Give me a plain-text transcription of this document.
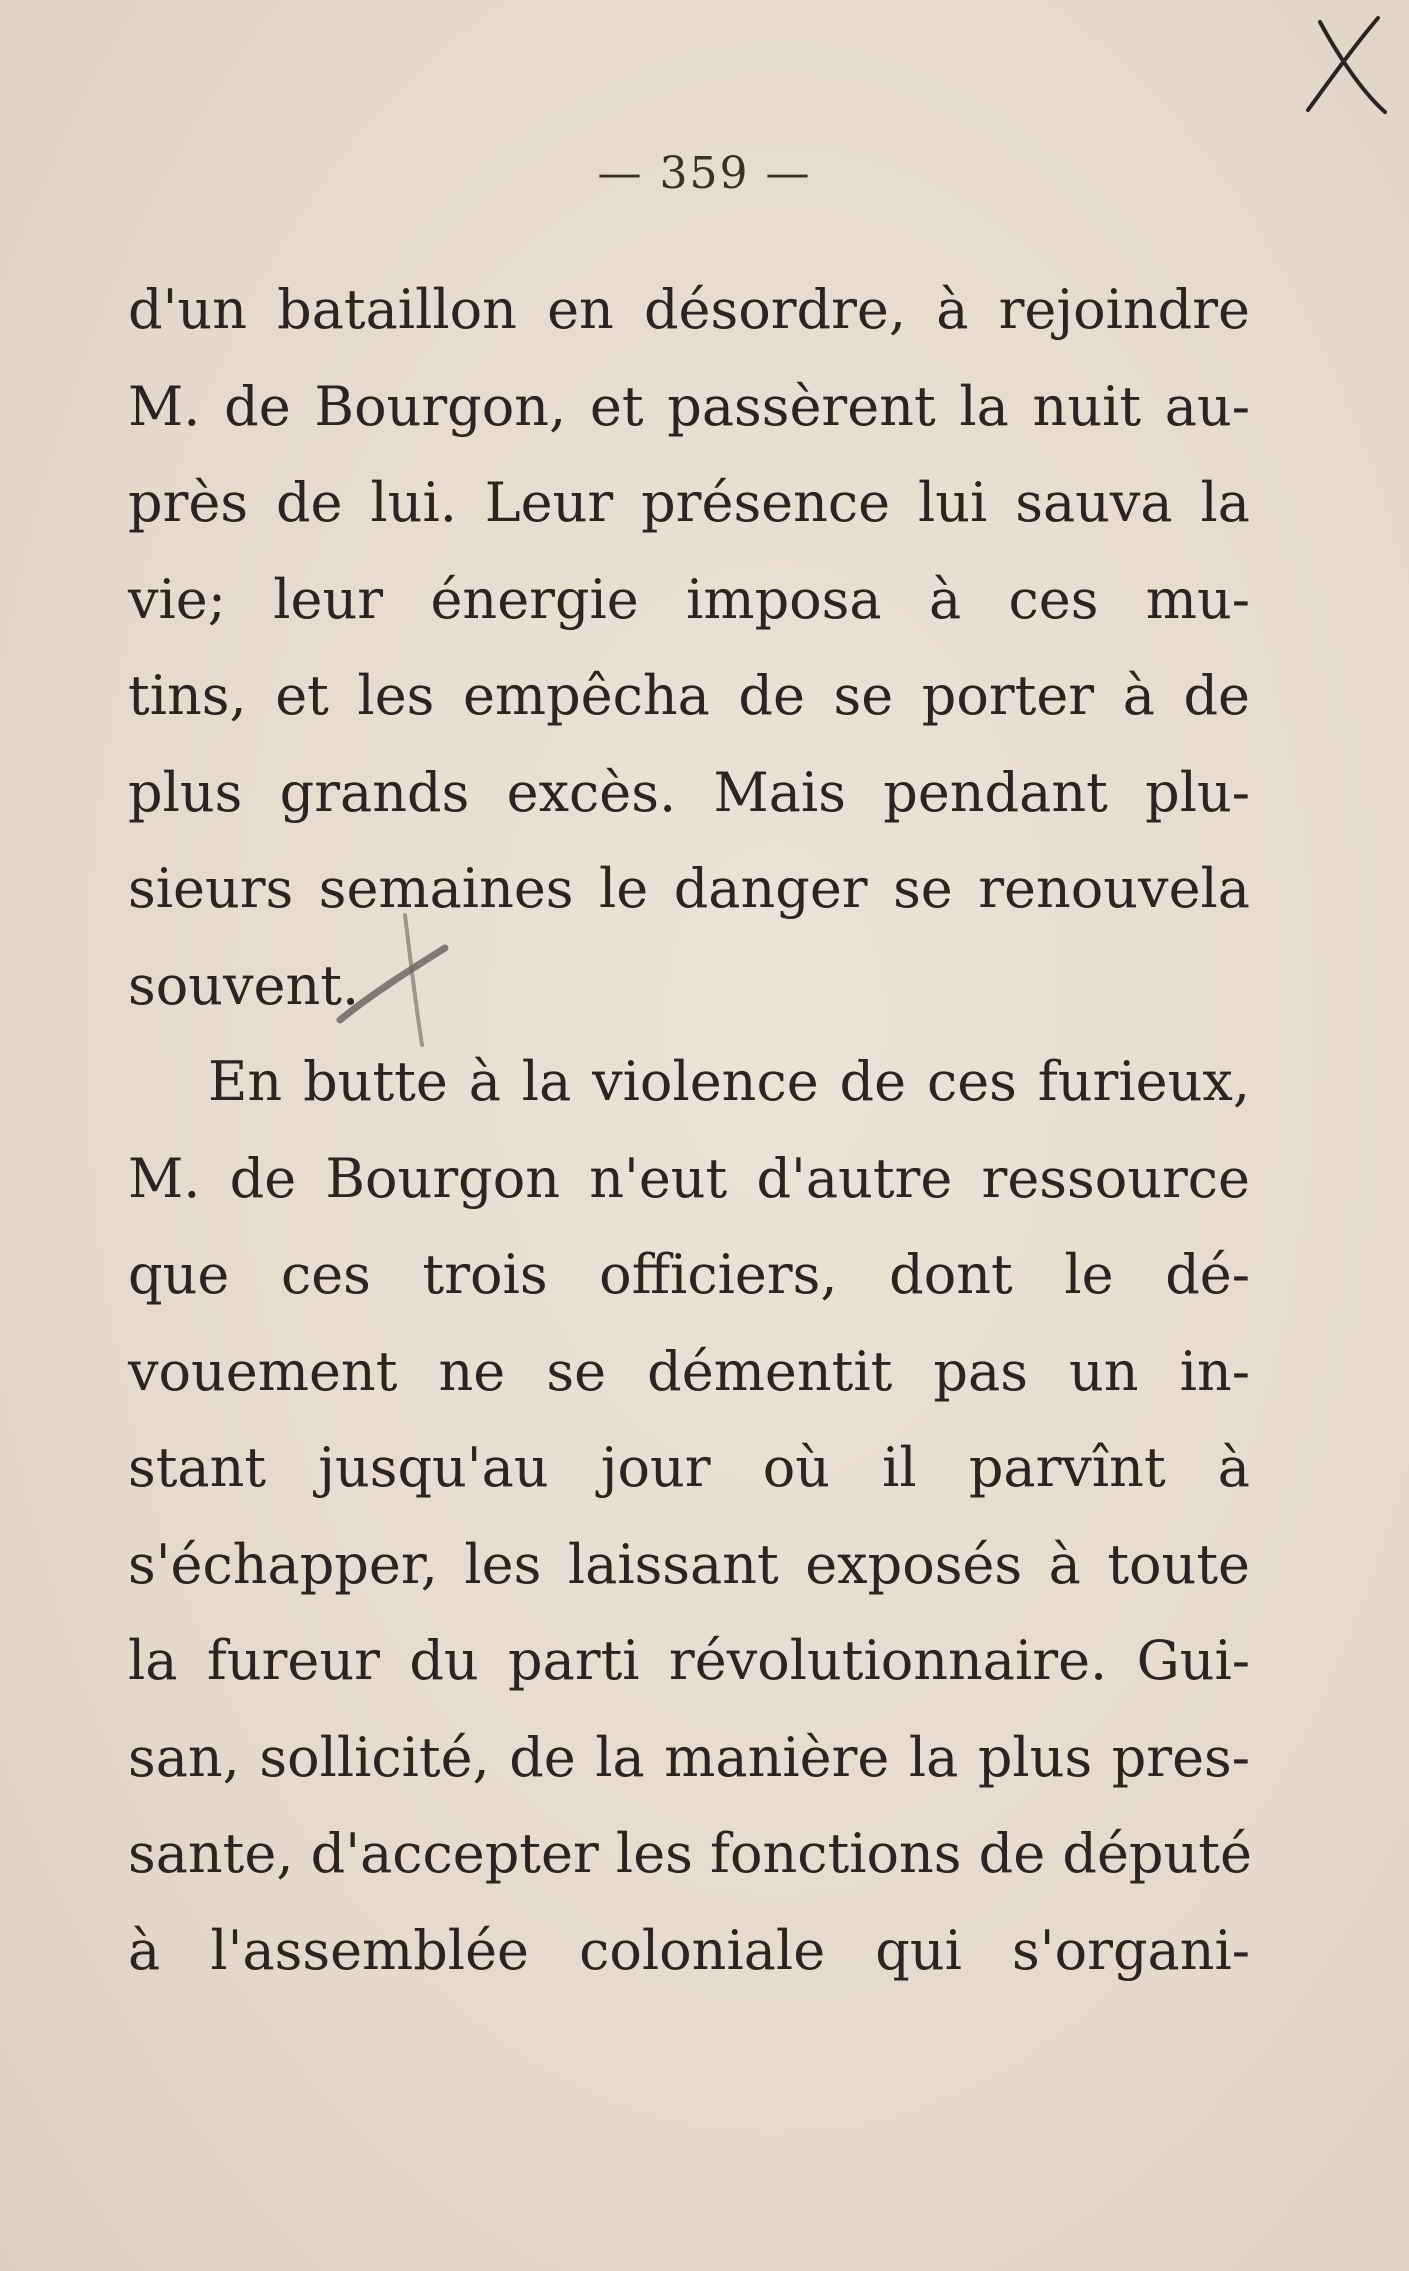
— 359 —
d'un bataillon en désordre, à rejoindre
M. de Bourgon, et passèrent la nuit au-
près de lui. Leur présence lui sauva la
vie; leur énergie imposa à ces mu-
tins, et les empêcha de se porter à de
plus grands excès. Mais pendant plu-
sieurs semaines le danger se renouvela
souvent.
En butte à la violence de ces furieux,
M. de Bourgon n'eut d'autre ressource
que ces trois officiers, dont le dé-
vouement ne se démentit pas un in-
stant jusqu'au jour où il parvînt à
s'échapper, les laissant exposés à toute
la fureur du parti révolutionnaire. Gui-
san, sollicité, de la manière la plus pres-
sante, d'accepter les fonctions de député
à l'assemblée coloniale qui s'organi-
